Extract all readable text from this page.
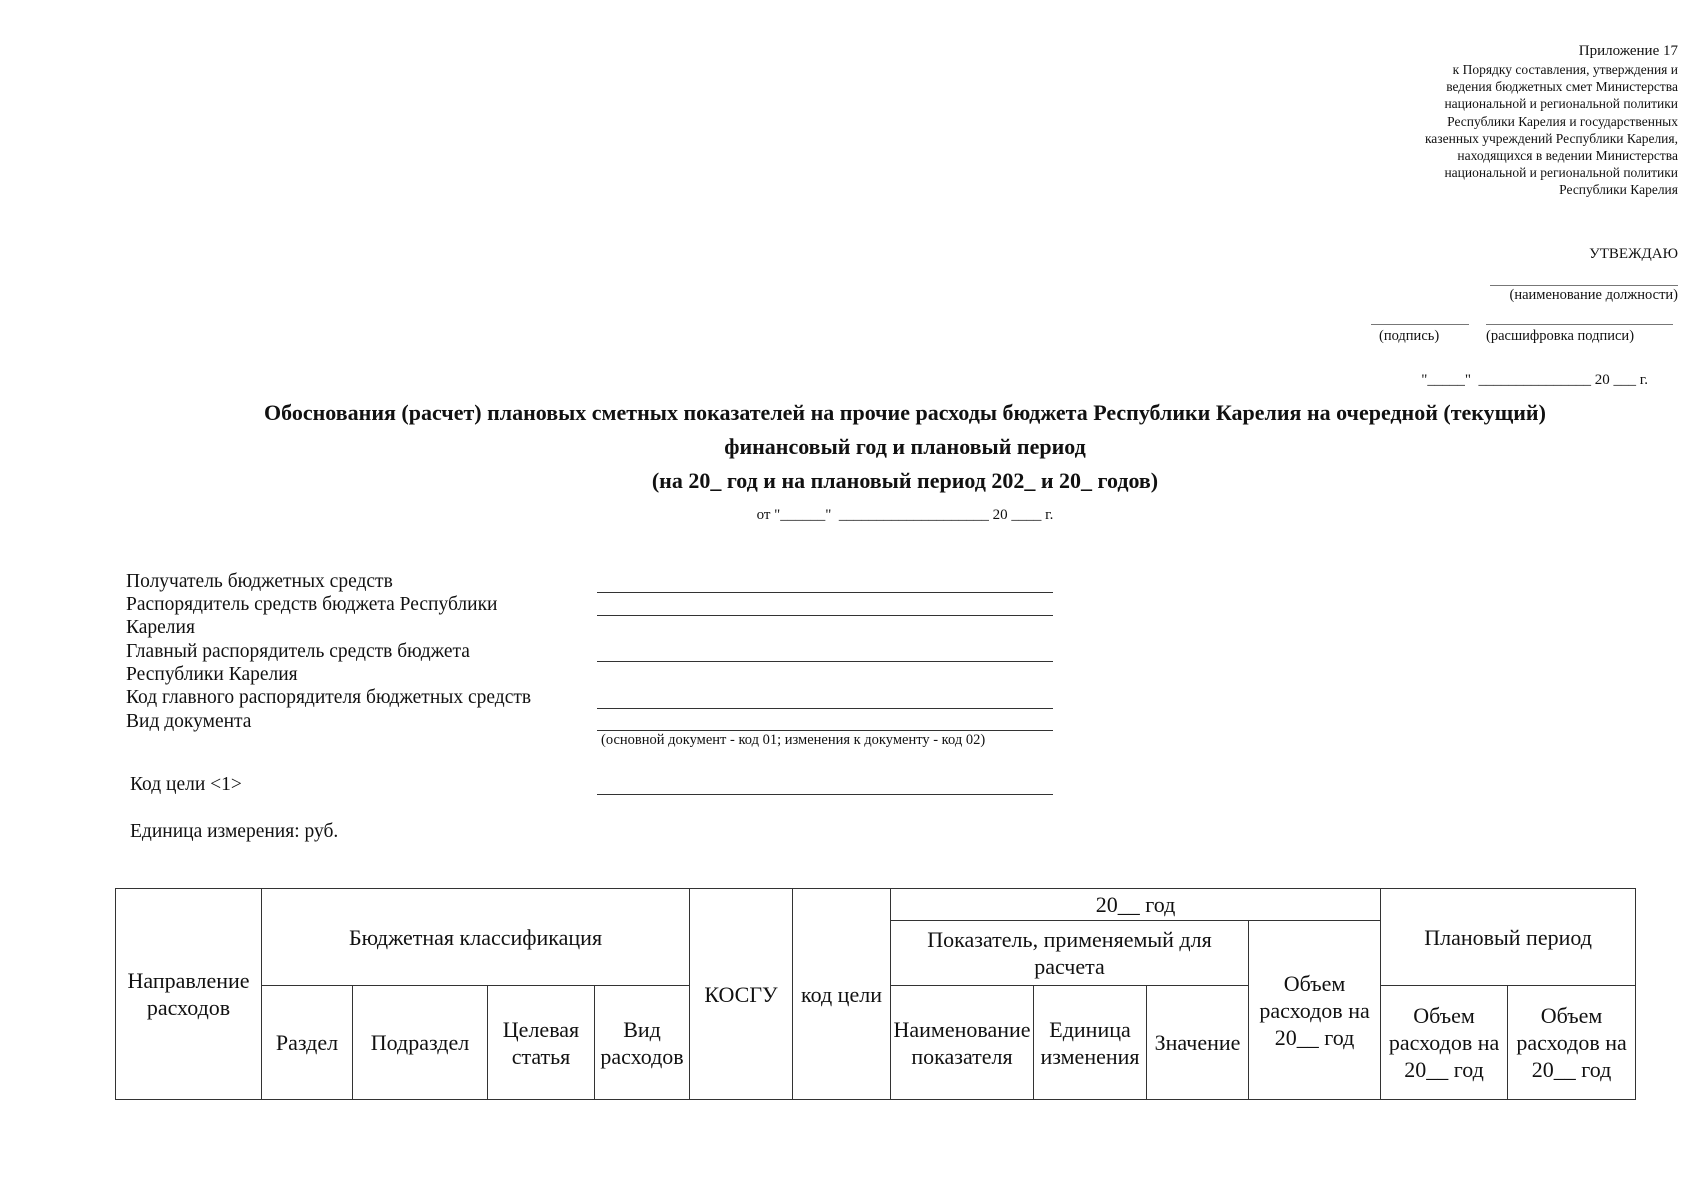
Приложение 17
к Порядку составления, утверждения и
ведения бюджетных смет Министерства
национальной и региональной политики
Республики Карелия и государственных
казенных учреждений Республики Карелия,
находящихся в ведении Министерства
национальной и региональной политики
Республики Карелия
УТВЕЖДАЮ
(наименование должности)
(подпись)	(расшифровка подписи)
"_____"  _______________ 20 ___ г.
Обоснования (расчет) плановых сметных показателей на прочие расходы бюджета Республики Карелия на очередной (текущий)
финансовый год и плановый период
(на 20_ год и на плановый период 202_ и 20_ годов)
от "______"  ____________________ 20 ____ г.
Получатель бюджетных средств
Распорядитель средств бюджета Республики
Карелия
Главный распорядитель средств бюджета
Республики Карелия
Код главного распорядителя бюджетных средств
Вид документа
(основной документ - код 01; изменения к документу - код 02)
Код цели <1>
Единица измерения: руб.
Направление расходов	Бюджетная классификация				КОСГУ	код цели	20__ год				Плановый период	
							Показатель, применяемый для расчета			Объем расходов на 20__ год		
	Раздел	Подраздел	Целевая статья	Вид расходов			Наименование показателя	Единица изменения	Значение		Объем расходов на 20__ год	Объем расходов на 20__ год
